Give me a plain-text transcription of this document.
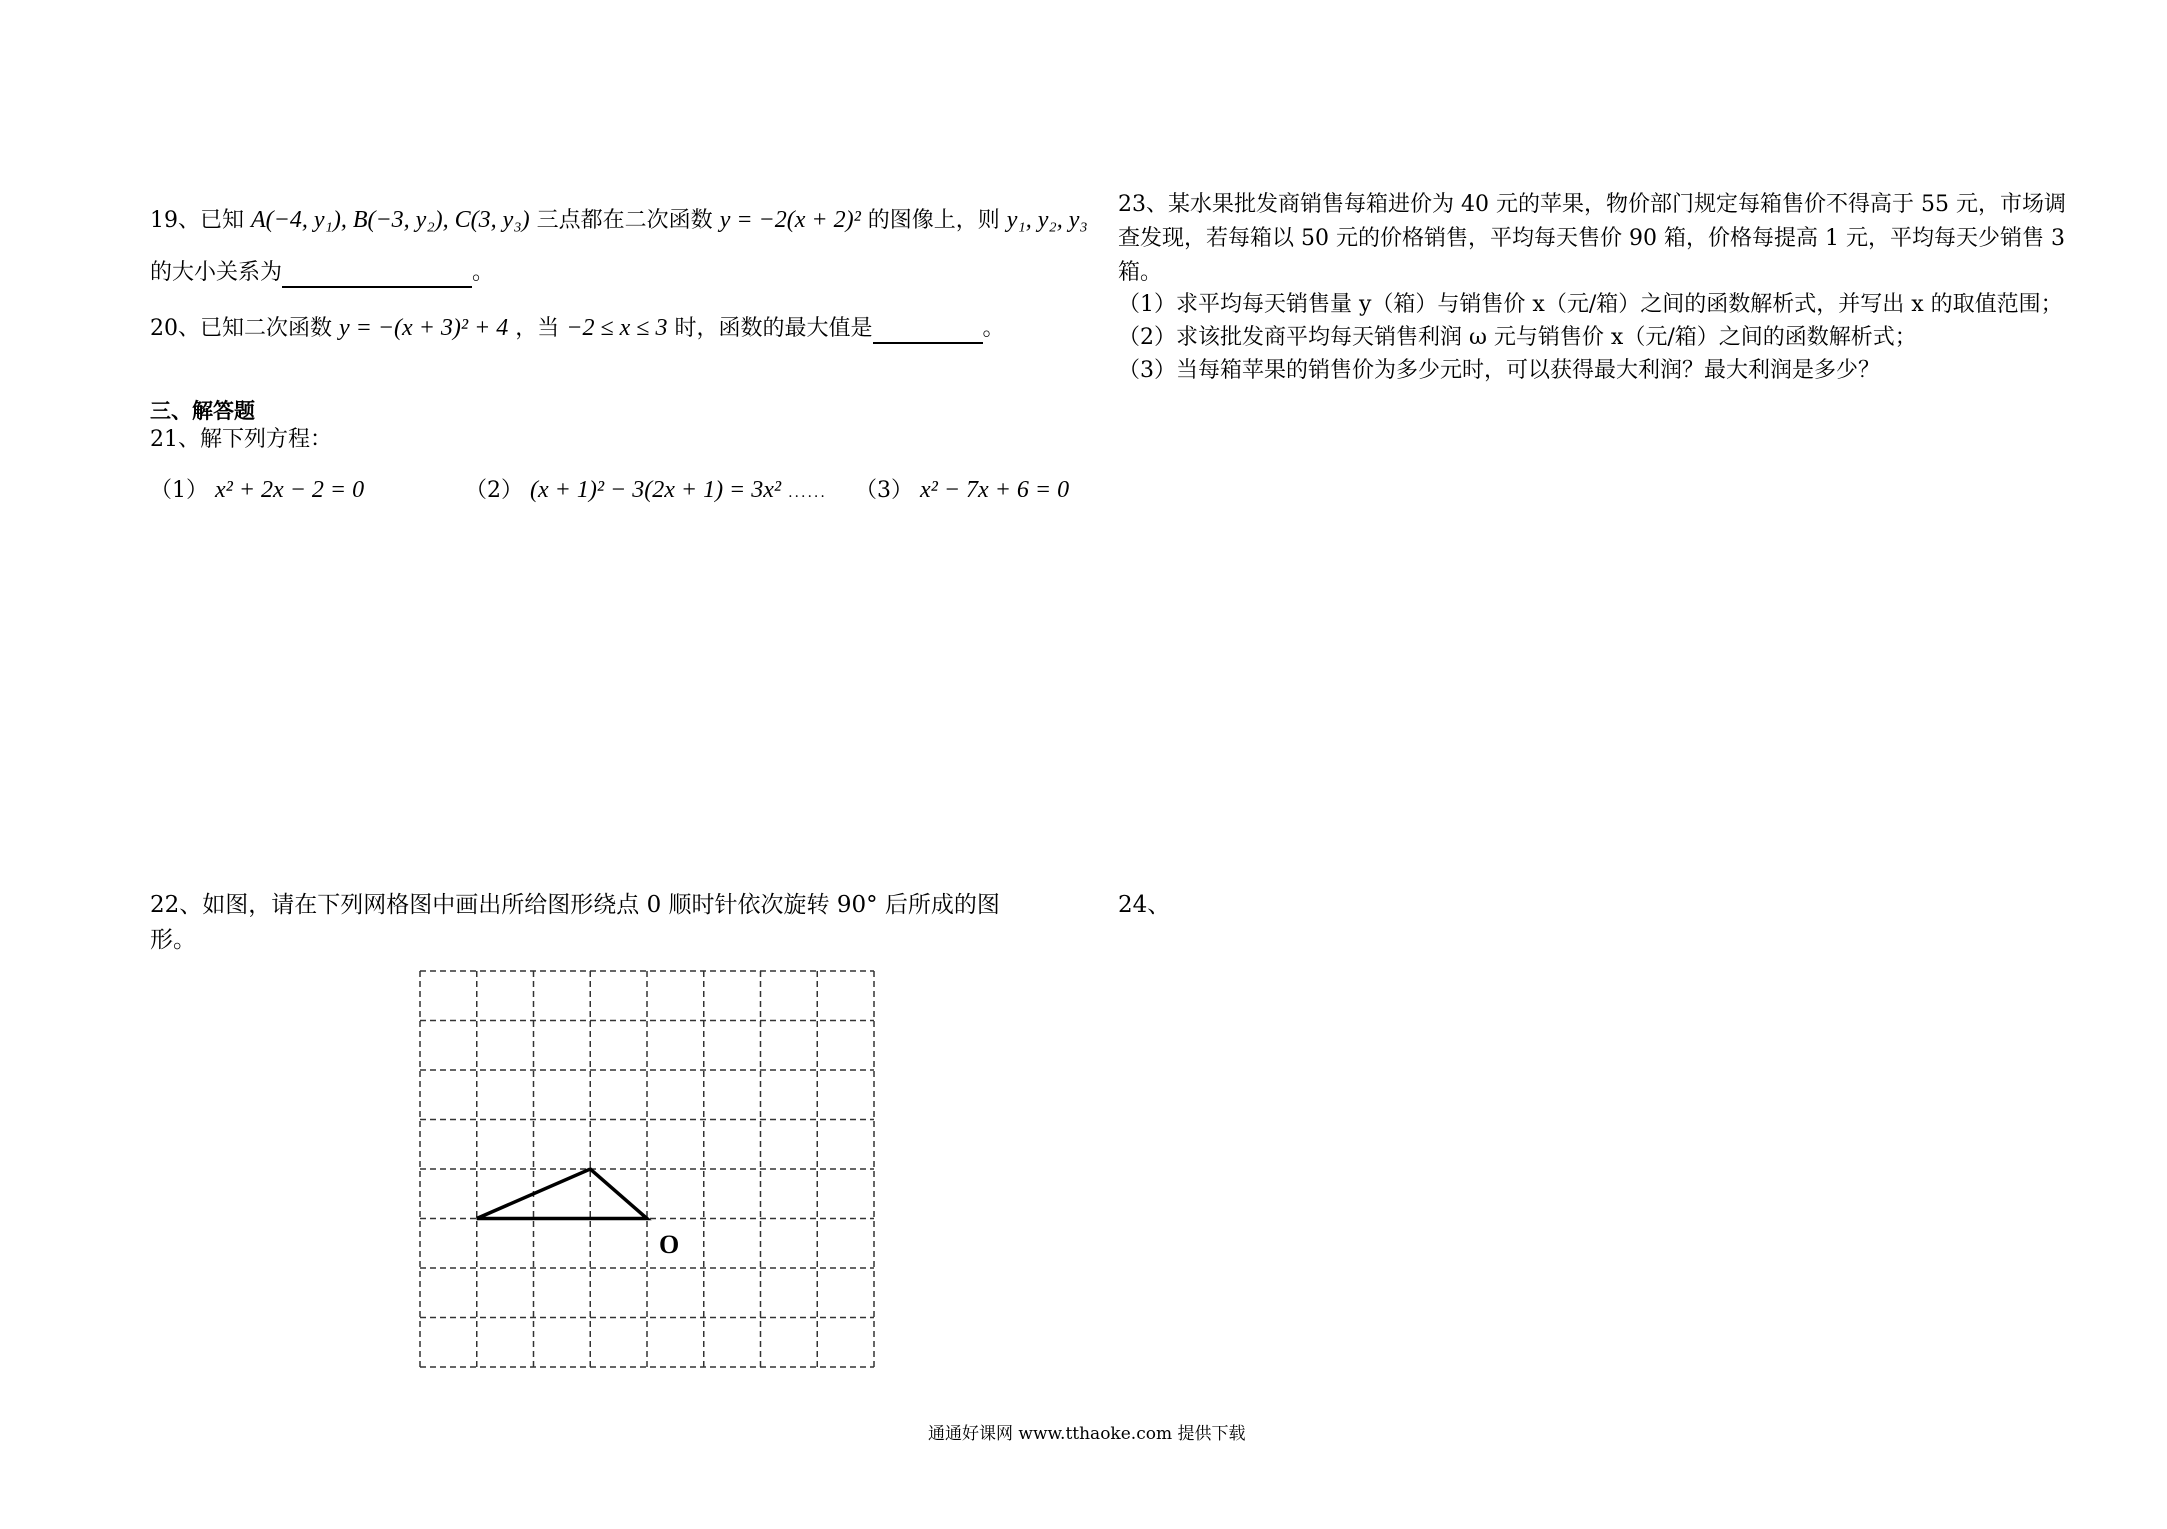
19、已知 A(−4, y₁), B(−3, y₂), C(3, y₃) 三点都在二次函数 y = −2(x + 2)² 的图像上，则 y₁, y₂, y₃
的大小关系为	。
20、已知二次函数 y = −(x + 3)² + 4 ，当 −2 ≤ x ≤ 3 时，函数的最大值是	。
三、解答题
21、解下列方程：
（1） x² + 2x − 2 = 0	（2） (x + 1)² − 3(2x + 1) = 3x² ...... （3） x² − 7x + 6 = 0
22、如图，请在下列网格图中画出所给图形绕点 0 顺时针依次旋转 90° 后所成的图
形。
O
23、某水果批发商销售每箱进价为 40 元的苹果，物价部门规定每箱售价不得高于 55 元，市场调
查发现，若每箱以 50 元的价格销售，平均每天售价 90 箱，价格每提高 1 元，平均每天少销售 3
箱。
（1）求平均每天销售量 y（箱）与销售价 x（元/箱）之间的函数解析式，并写出 x 的取值范围；
（2）求该批发商平均每天销售利润 ω 元与销售价 x（元/箱）之间的函数解析式；
（3）当每箱苹果的销售价为多少元时，可以获得最大利润？最大利润是多少？
24、
通通好课网 www.tthaoke.com 提供下载
